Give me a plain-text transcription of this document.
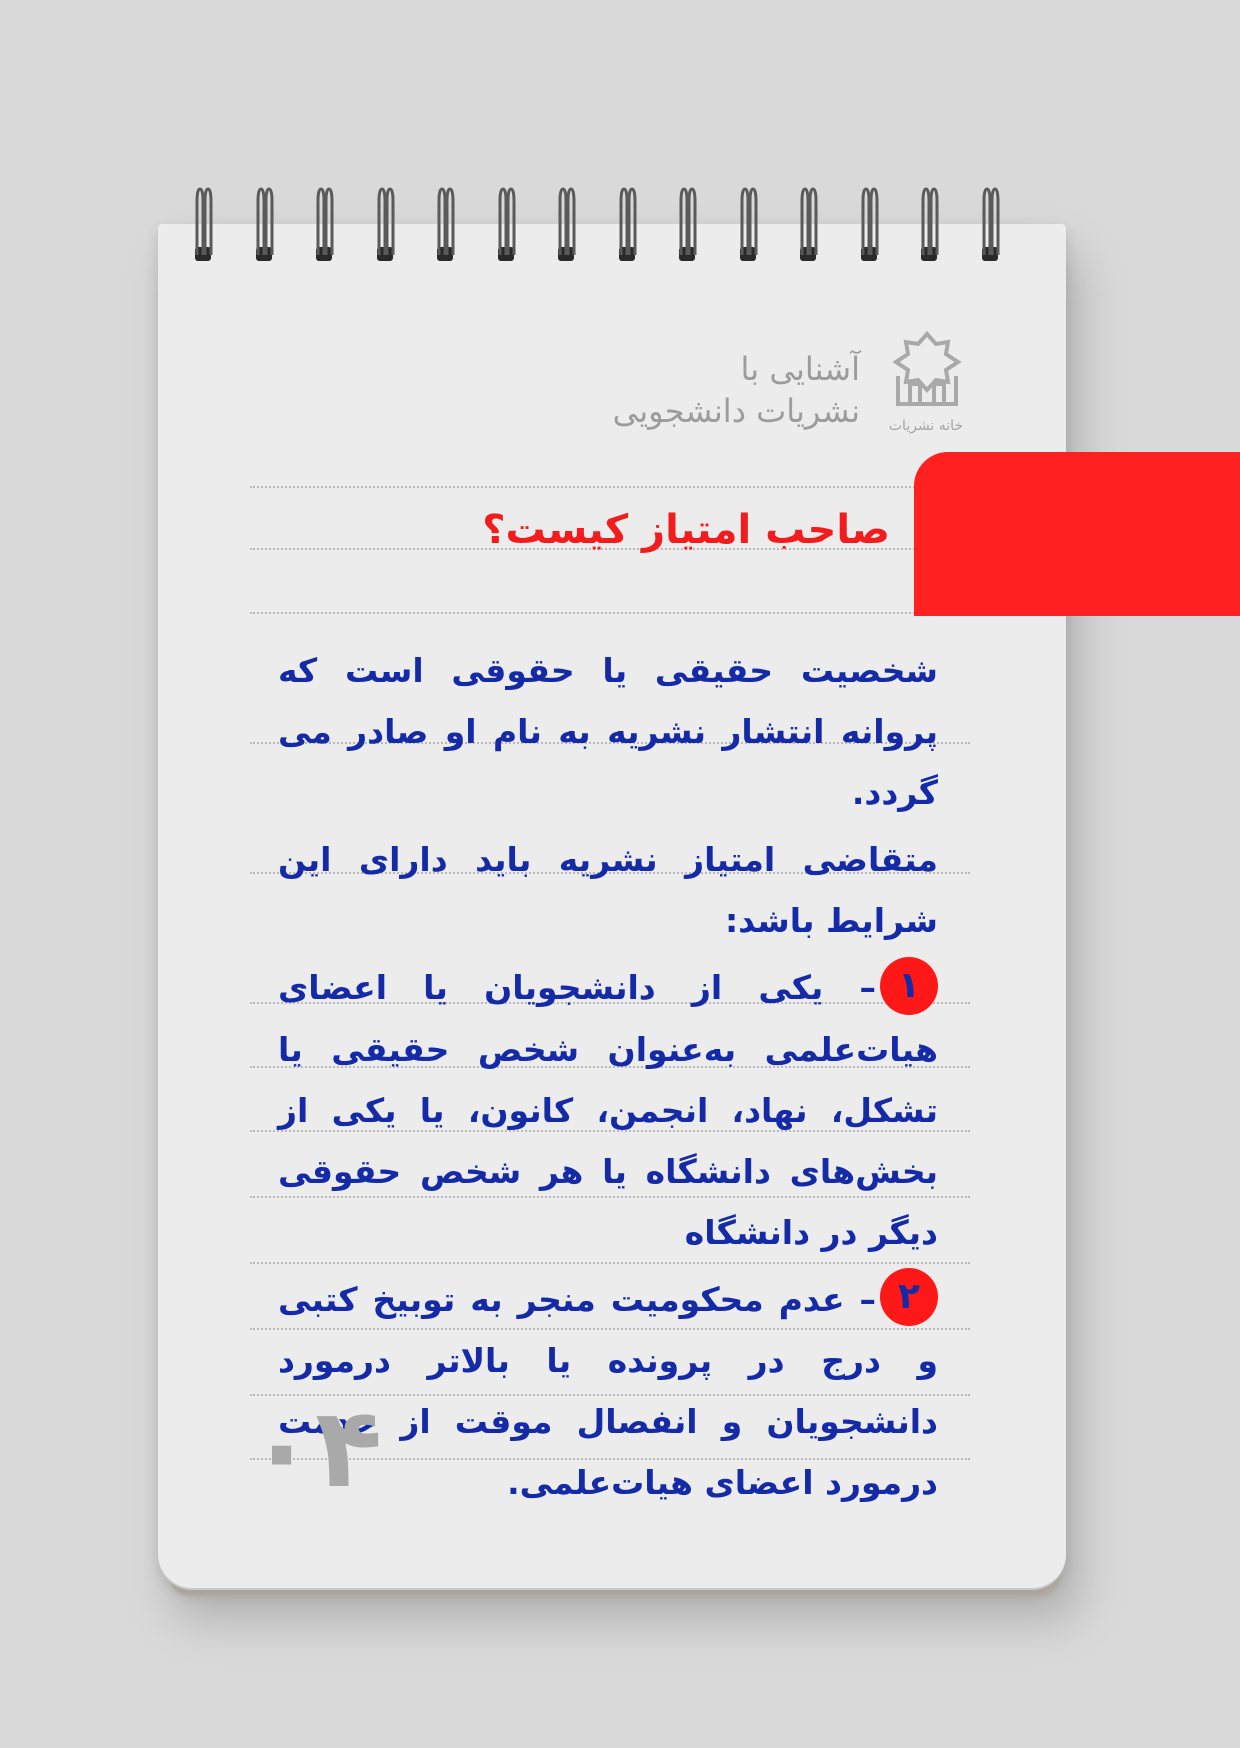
آشنایی با
نشریات دانشجویی	خانه نشریات
صاحب امتیاز کیست؟

شخصیت حقیقی یا حقوقی است که پروانه انتشار نشریه به نام او صادر می گردد.

متقاضی امتیاز نشریه باید دارای این شرایط باشد:

۱– یکی از دانشجویان یا اعضای هیات‌علمی به‌عنوان شخص حقیقی یا تشکل، نهاد، انجمن، کانون، یا یکی از بخش‌های دانشگاه یا هر شخص حقوقی دیگر در دانشگاه

۲– عدم محکومیت منجر به توبیخ کتبی و درج در پرونده یا بالاتر درمورد دانشجویان و انفصال موقت از خدمت درمورد اعضای هیات‌علمی.

۰۴
